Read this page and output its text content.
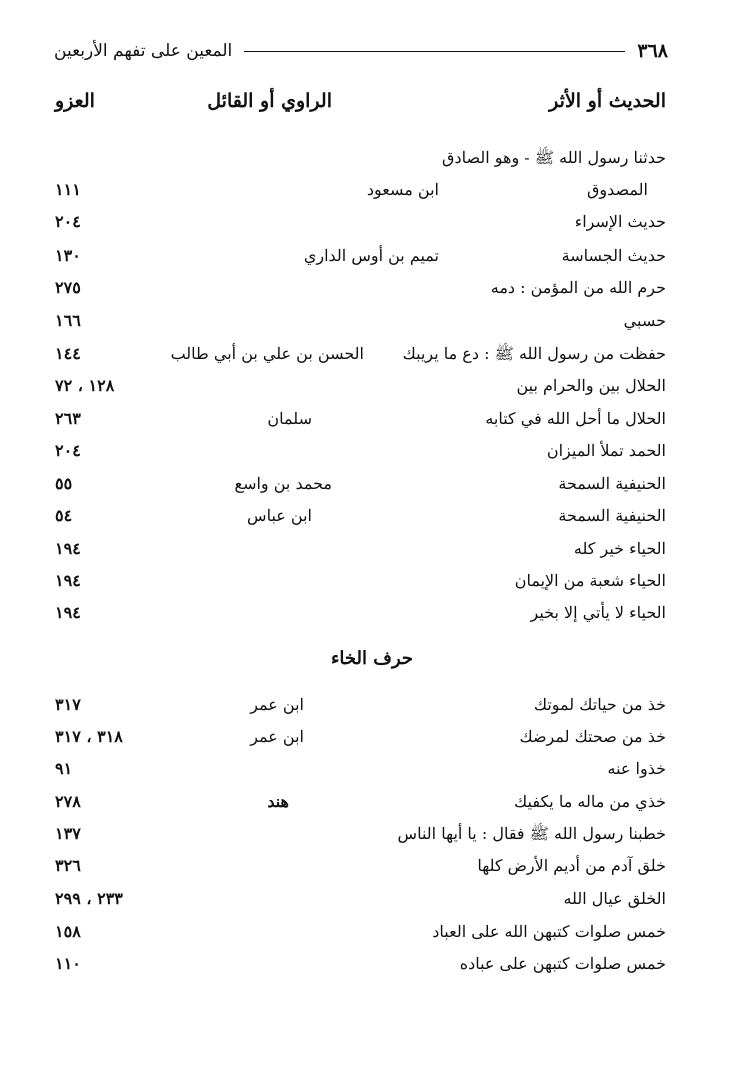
٣٦٨
المعين على تفهم الأربعين
الحديث أو الأثر
الراوي أو القائل
العزو
حدثنا رسول الله ﷺ - وهو الصادق
المصدوق
ابن مسعود
١١١
حديث الإسراء
٢٠٤
حديث الجساسة
تميم بن أوس الداري
١٣٠
حرم الله من المؤمن : دمه
٢٧٥
حسبي
١٦٦
حفظت من رسول الله ﷺ : دع ما يريبك
الحسن بن علي بن أبي طالب
١٤٤
الحلال بين والحرام بين
١٢٨ ، ٧٢
الحلال ما أحل الله في كتابه
سلمان
٢٦٣
الحمد تملأ الميزان
٢٠٤
الحنيفية السمحة
محمد بن واسع
٥٥
الحنيفية السمحة
ابن عباس
٥٤
الحياء خير كله
١٩٤
الحياء شعبة من الإيمان
١٩٤
الحياء لا يأتي إلا بخير
١٩٤
حرف الخاء
خذ من حياتك لموتك
ابن عمر
٣١٧
خذ من صحتك لمرضك
ابن عمر
٣١٨ ، ٣١٧
خذوا عنه
٩١
خذي من ماله ما يكفيك
هند
٢٧٨
خطبنا رسول الله ﷺ فقال : يا أيها الناس
١٣٧
خلق آدم من أديم الأرض كلها
٣٢٦
الخلق عيال الله
٢٣٣ ، ٢٩٩
خمس صلوات كتبهن الله على العباد
١٥٨
خمس صلوات كتبهن على عباده
١١٠
